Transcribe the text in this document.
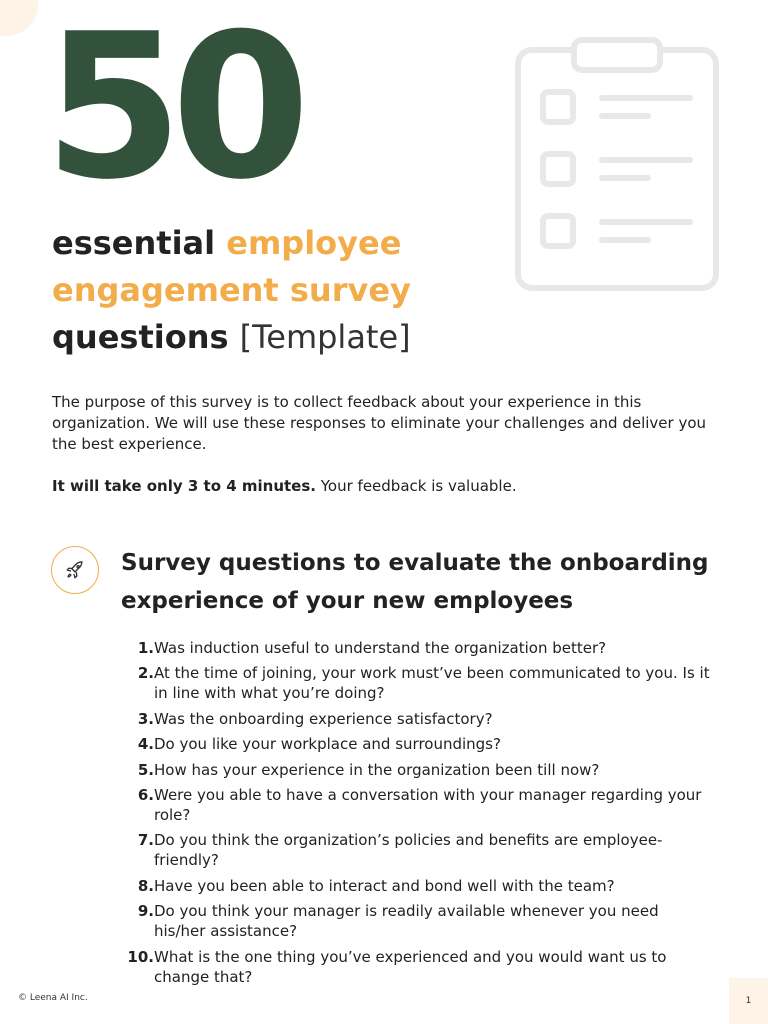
50
essential employee engagement survey
questions [Template]

The purpose of this survey is to collect feedback about your experience in this organization. We will use these responses to eliminate your challenges and deliver you the best experience.

It will take only 3 to 4 minutes. Your feedback is valuable.

Survey questions to evaluate the onboarding experience of your new employees
1. Was induction useful to understand the organization better?
2. At the time of joining, your work must’ve been communicated to you. Is it in line with what you’re doing?
3. Was the onboarding experience satisfactory?
4. Do you like your workplace and surroundings?
5. How has your experience in the organization been till now?
6. Were you able to have a conversation with your manager regarding your role?
7. Do you think the organization’s policies and benefits are employee-friendly?
8. Have you been able to interact and bond well with the team?
9. Do you think your manager is readily available whenever you need his/her assistance?
10. What is the one thing you’ve experienced and you would want us to change that?
© Leena AI Inc.	1
